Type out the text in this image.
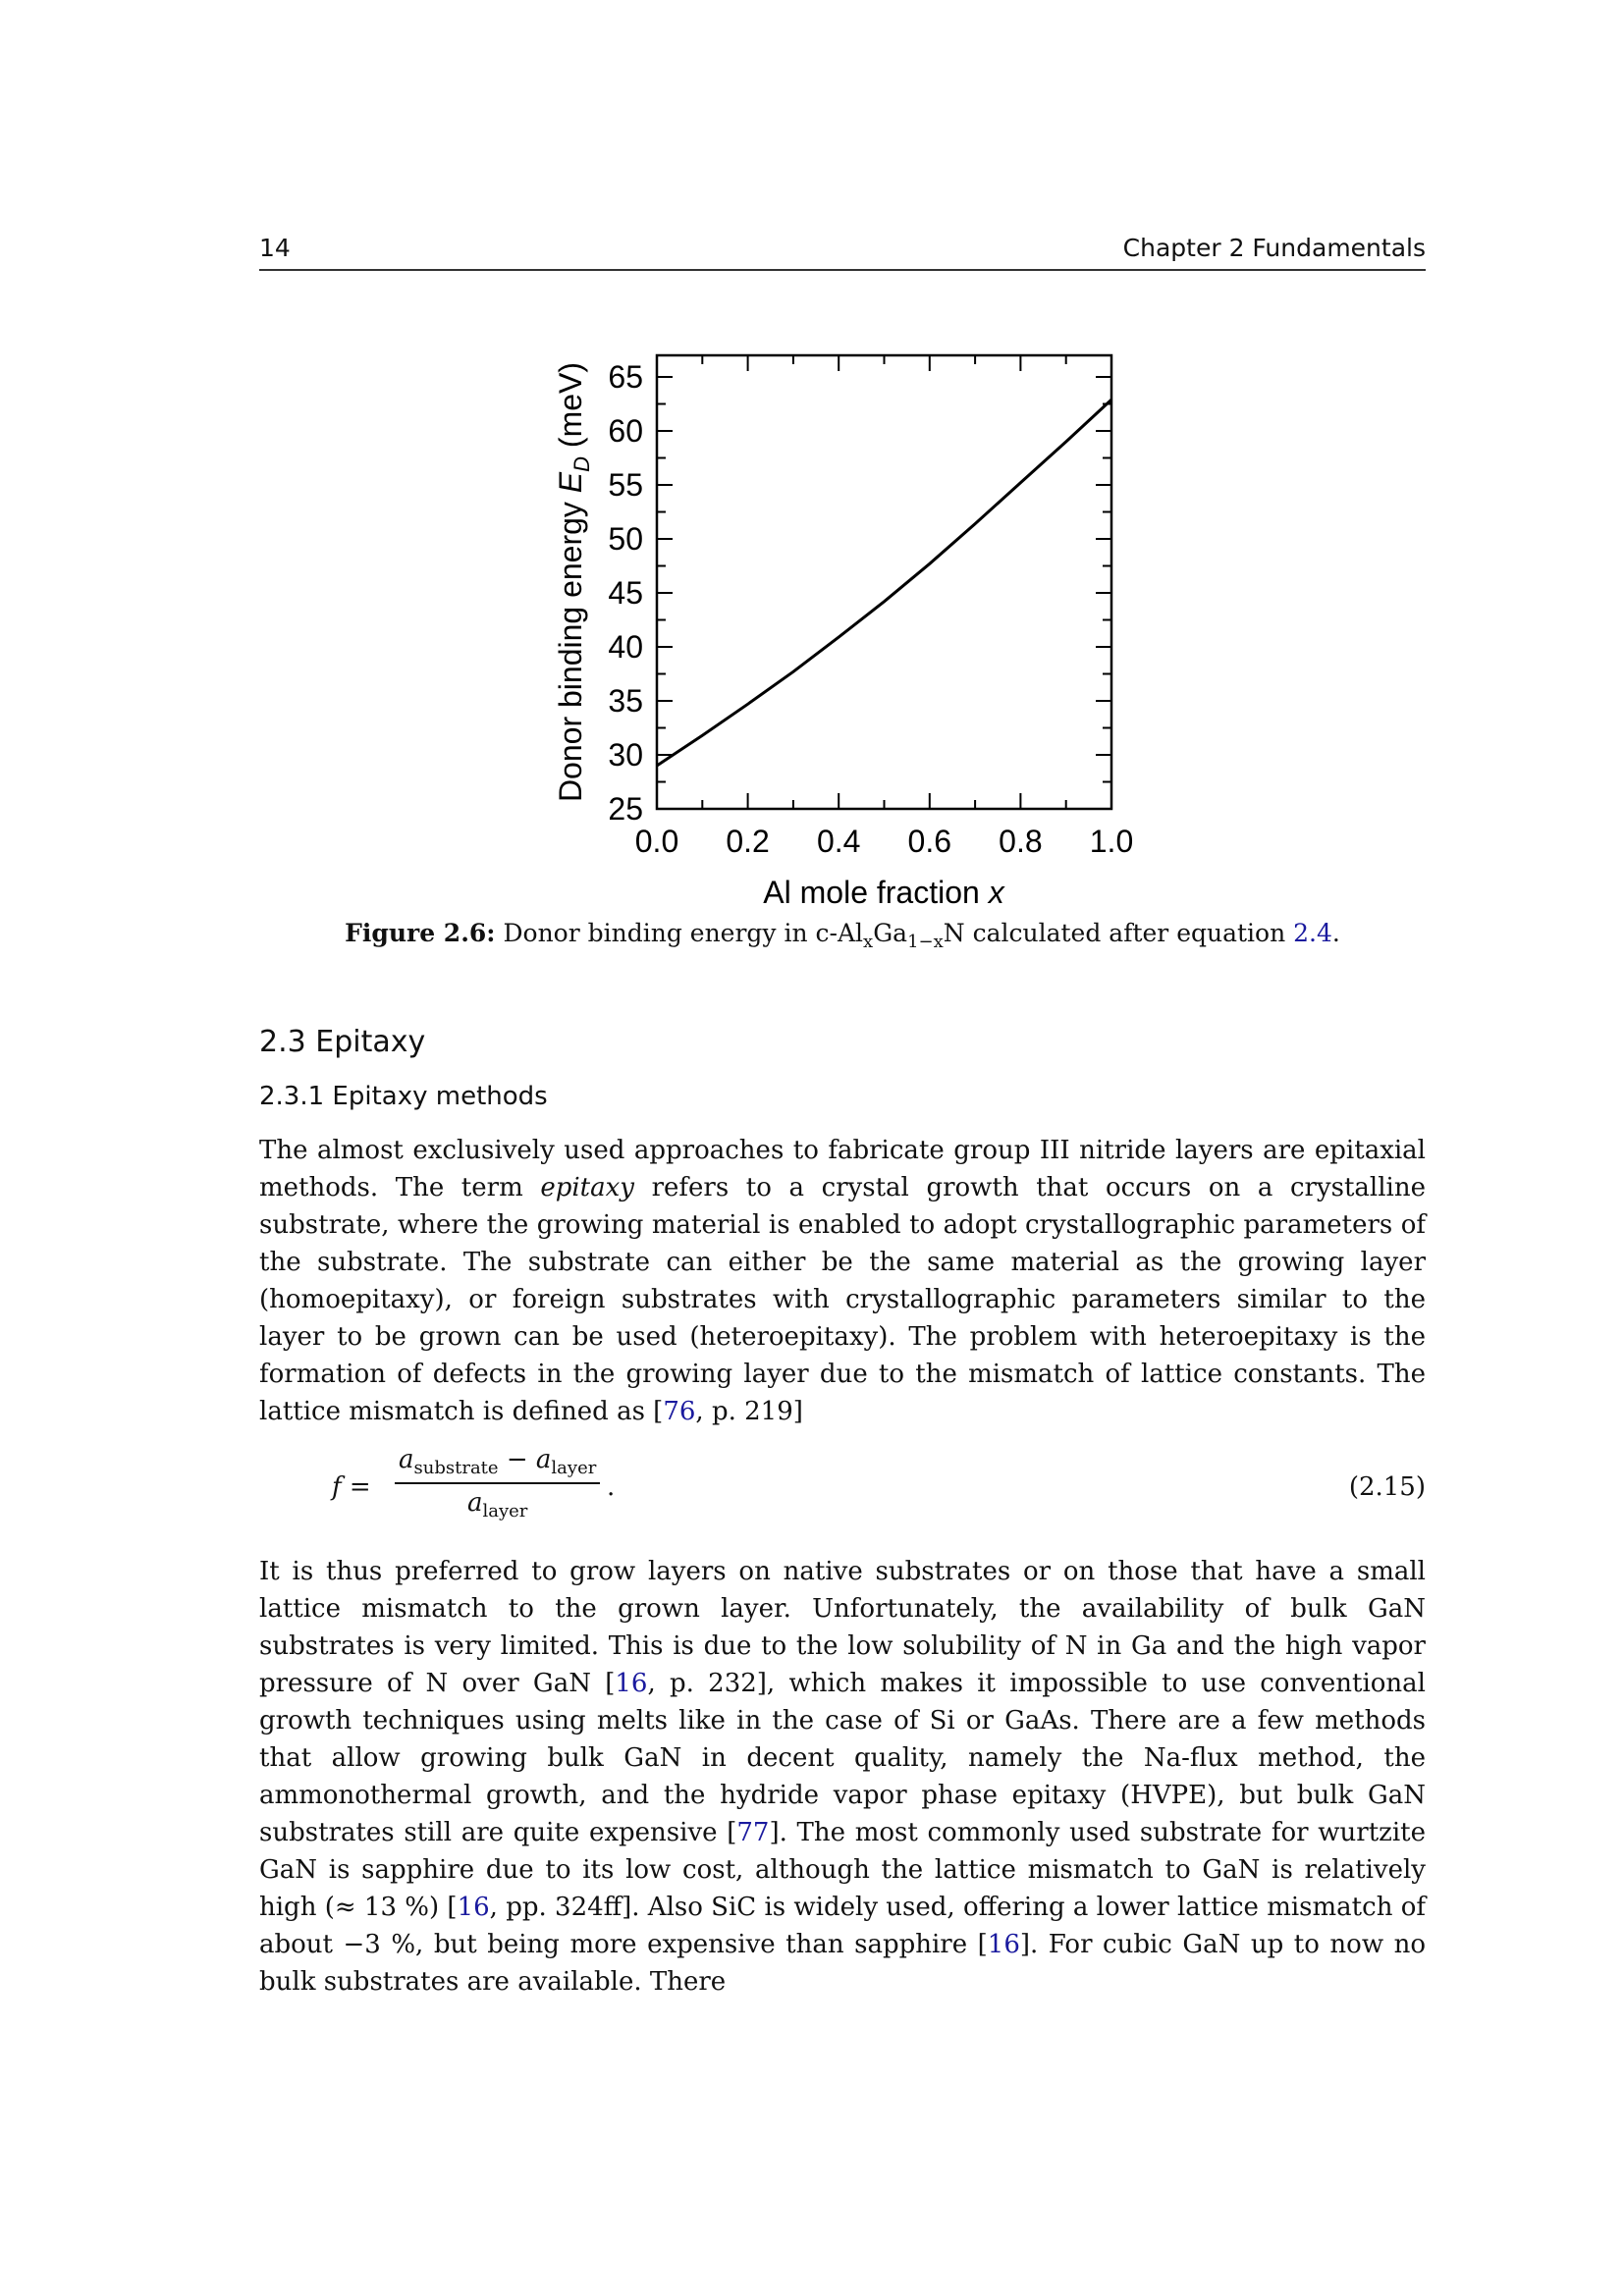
14	Chapter 2 Fundamentals
0.0 0.2 0.4 0.6 0.8 1.0
25
30
35
40
45
50
55
60
65
Al mole fraction x
Donor binding energy $E_D$ (meV)
Figure 2.6: Donor binding energy in $c-Al_xGa_{1-x}N$ calculated after equation 2.4.
2.3 Epitaxy
2.3.1 Epitaxy methods

The almost exclusively used approaches to fabricate group III nitride layers are epitaxial methods. The term epitaxy refers to a crystal growth that occurs on a crystalline substrate, where the growing material is enabled to adopt crystallographic parameters of the substrate. The substrate can either be the same material as the growing layer (homoepitaxy), or foreign substrates with crystallographic parameters similar to the layer to be grown can be used (heteroepitaxy). The problem with heteroepitaxy is the formation of defects in the growing layer due to the mismatch of lattice constants. The lattice mismatch is defined as [76, p. 219]

f =
$a_{substrate} - a_{layer}$
$a_{layer}$
.	(2.15)

It is thus preferred to grow layers on native substrates or on those that have a small lattice mismatch to the grown layer. Unfortunately, the availability of bulk GaN substrates is very limited. This is due to the low solubility of N in Ga and the high vapor pressure of N over GaN [16, p. 232], which makes it impossible to use conventional growth techniques using melts like in the case of Si or GaAs. There are a few methods that allow growing bulk GaN in decent quality, namely the Na-flux method, the ammonothermal growth, and the hydride vapor phase epitaxy (HVPE), but bulk GaN substrates still are quite expensive [77]. The most commonly used substrate for wurtzite GaN is sapphire due to its low cost, although the lattice mismatch to GaN is relatively high (≈ 13 %) [16, pp. 324ff]. Also SiC is widely used, offering a lower lattice mismatch of about −3 %, but being more expensive than sapphire [16]. For cubic GaN up to now no bulk substrates are available. There
